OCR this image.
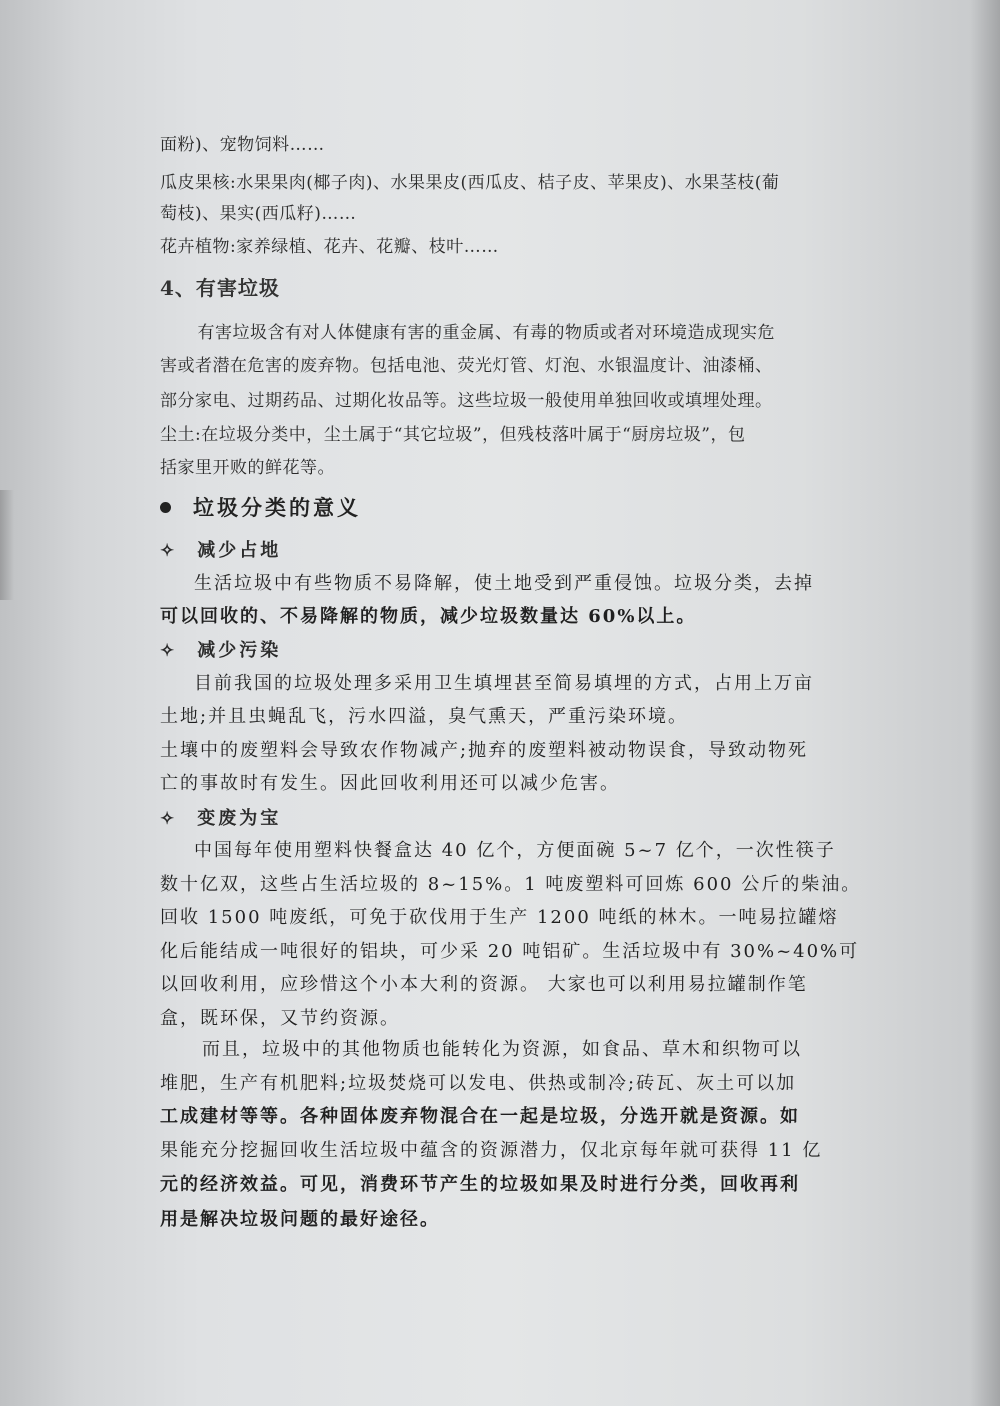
面粉)、宠物饲料……
瓜皮果核:水果果肉(椰子肉)、水果果皮(西瓜皮、桔子皮、苹果皮)、水果茎枝(葡
萄枝)、果实(西瓜籽)……
花卉植物:家养绿植、花卉、花瓣、枝叶……
4、有害垃圾
　有害垃圾含有对人体健康有害的重金属、有毒的物质或者对环境造成现实危
害或者潜在危害的废弃物。包括电池、荧光灯管、灯泡、水银温度计、油漆桶、
部分家电、过期药品、过期化妆品等。这些垃圾一般使用单独回收或填埋处理。
尘土:在垃圾分类中，尘土属于“其它垃圾”，但残枝落叶属于“厨房垃圾”，包
括家里开败的鲜花等。
垃圾分类的意义
✧ 减少占地
生活垃圾中有些物质不易降解，使土地受到严重侵蚀。垃圾分类，去掉
可以回收的、不易降解的物质，减少垃圾数量达 60%以上。
✧ 减少污染
目前我国的垃圾处理多采用卫生填埋甚至简易填埋的方式，占用上万亩
土地;并且虫蝇乱飞，污水四溢，臭气熏天，严重污染环境。
土壤中的废塑料会导致农作物减产;抛弃的废塑料被动物误食，导致动物死
亡的事故时有发生。因此回收利用还可以减少危害。
✧ 变废为宝
中国每年使用塑料快餐盒达 40 亿个，方便面碗 5~7 亿个，一次性筷子
数十亿双，这些占生活垃圾的 8~15%。1 吨废塑料可回炼 600 公斤的柴油。
回收 1500 吨废纸，可免于砍伐用于生产 1200 吨纸的林木。一吨易拉罐熔
化后能结成一吨很好的铝块，可少采 20 吨铝矿。生活垃圾中有 30%~40%可
以回收利用，应珍惜这个小本大利的资源。 大家也可以利用易拉罐制作笔
盒，既环保，又节约资源。
而且，垃圾中的其他物质也能转化为资源，如食品、草木和织物可以
堆肥，生产有机肥料;垃圾焚烧可以发电、供热或制冷;砖瓦、灰土可以加
工成建材等等。各种固体废弃物混合在一起是垃圾，分选开就是资源。如
果能充分挖掘回收生活垃圾中蕴含的资源潜力，仅北京每年就可获得 11 亿
元的经济效益。可见，消费环节产生的垃圾如果及时进行分类，回收再利
用是解决垃圾问题的最好途径。
